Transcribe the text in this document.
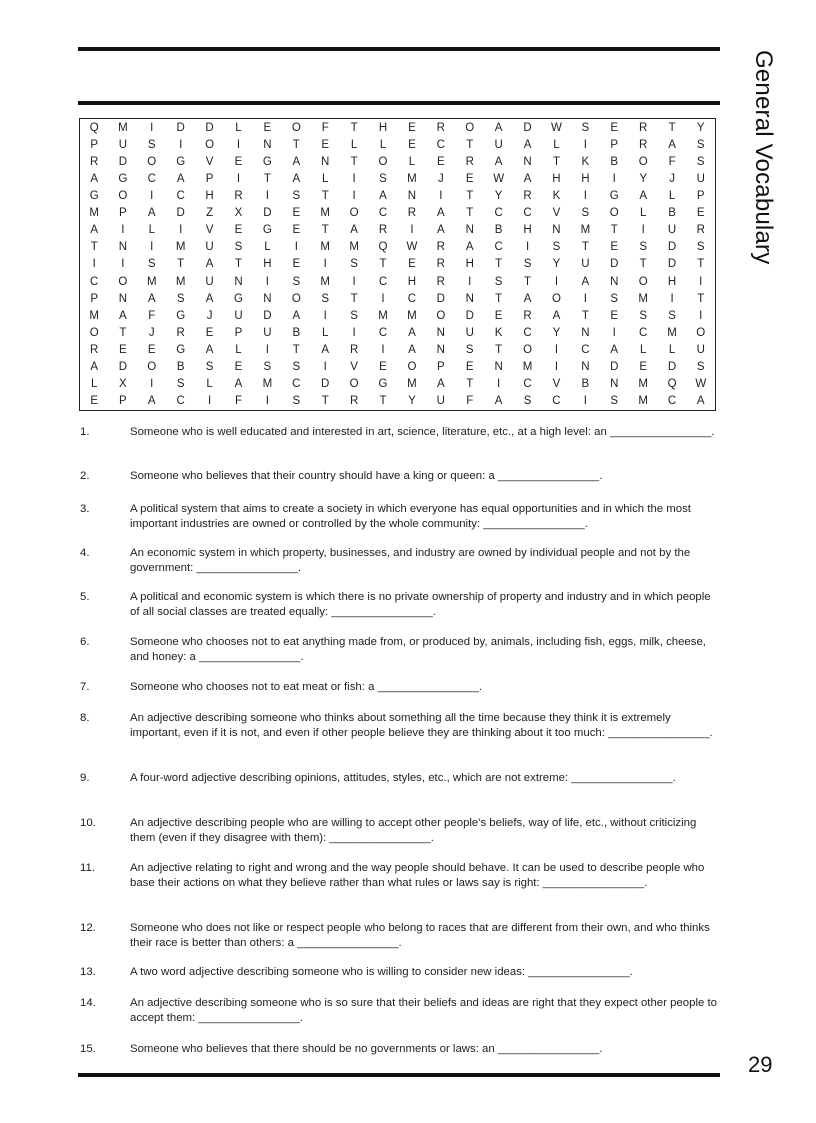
General Vocabulary
Q	M	I	D	D	L	E	O	F	T	H	E	R	O	A	D	W	S	E	R	T	Y
P	U	S	I	O	I	N	T	E	L	L	E	C	T	U	A	L	I	P	R	A	S
R	D	O	G	V	E	G	A	N	T	O	L	E	R	A	N	T	K	B	O	F	S
A	G	C	A	P	I	T	A	L	I	S	M	J	E	W	A	H	H	I	Y	J	U
G	O	I	C	H	R	I	S	T	I	A	N	I	T	Y	R	K	I	G	A	L	P
M	P	A	D	Z	X	D	E	M	O	C	R	A	T	C	C	V	S	O	L	B	E
A	I	L	I	V	E	G	E	T	A	R	I	A	N	B	H	N	M	T	I	U	R
T	N	I	M	U	S	L	I	M	M	Q	W	R	A	C	I	S	T	E	S	D	S
I	I	S	T	A	T	H	E	I	S	T	E	R	H	T	S	Y	U	D	T	D	T
C	O	M	M	U	N	I	S	M	I	C	H	R	I	S	T	I	A	N	O	H	I
P	N	A	S	A	G	N	O	S	T	I	C	D	N	T	A	O	I	S	M	I	T
M	A	F	G	J	U	D	A	I	S	M	M	O	D	E	R	A	T	E	S	S	I
O	T	J	R	E	P	U	B	L	I	C	A	N	U	K	C	Y	N	I	C	M	O
R	E	E	G	A	L	I	T	A	R	I	A	N	S	T	O	I	C	A	L	L	U
A	D	O	B	S	E	S	S	I	V	E	O	P	E	N	M	I	N	D	E	D	S
L	X	I	S	L	A	M	C	D	O	G	M	A	T	I	C	V	B	N	M	Q	W
E	P	A	C	I	F	I	S	T	R	T	Y	U	F	A	S	C	I	S	M	C	A
1.	Someone who is well educated and interested in art, science, literature, etc., at a high level: an ________________.
2.	Someone who believes that their country should have a king or queen: a ________________.
3.	A political system that aims to create a society in which everyone has equal opportunities and in which the most important industries are owned or controlled by the whole community: ________________.
4.	An economic system in which property, businesses, and industry are owned by individual people and not by the government: ________________.
5.	A political and economic system is which there is no private ownership of property and industry and in which people of all social classes are treated equally: ________________.
6.	Someone who chooses not to eat anything made from, or produced by, animals, including fish, eggs, milk, cheese, and honey: a ________________.
7.	Someone who chooses not to eat meat or fish: a ________________.
8.	An adjective describing someone who thinks about something all the time because they think it is extremely important, even if it is not, and even if other people believe they are thinking about it too much: ________________.
9.	A four-word adjective describing opinions, attitudes, styles, etc., which are not extreme: ________________.
10.	An adjective describing people who are willing to accept other people's beliefs, way of life, etc., without criticizing them (even if they disagree with them): ________________.
11.	An adjective relating to right and wrong and the way people should behave. It can be used to describe people who base their actions on what they believe rather than what rules or laws say is right: ________________.
12.	Someone who does not like or respect people who belong to races that are different from their own, and who thinks their race is better than others: a ________________.
13.	A two word adjective describing someone who is willing to consider new ideas: ________________.
14.	An adjective describing someone who is so sure that their beliefs and ideas are right that they expect other people to accept them: ________________.
15.	Someone who believes that there should be no governments or laws: an ________________.
29
